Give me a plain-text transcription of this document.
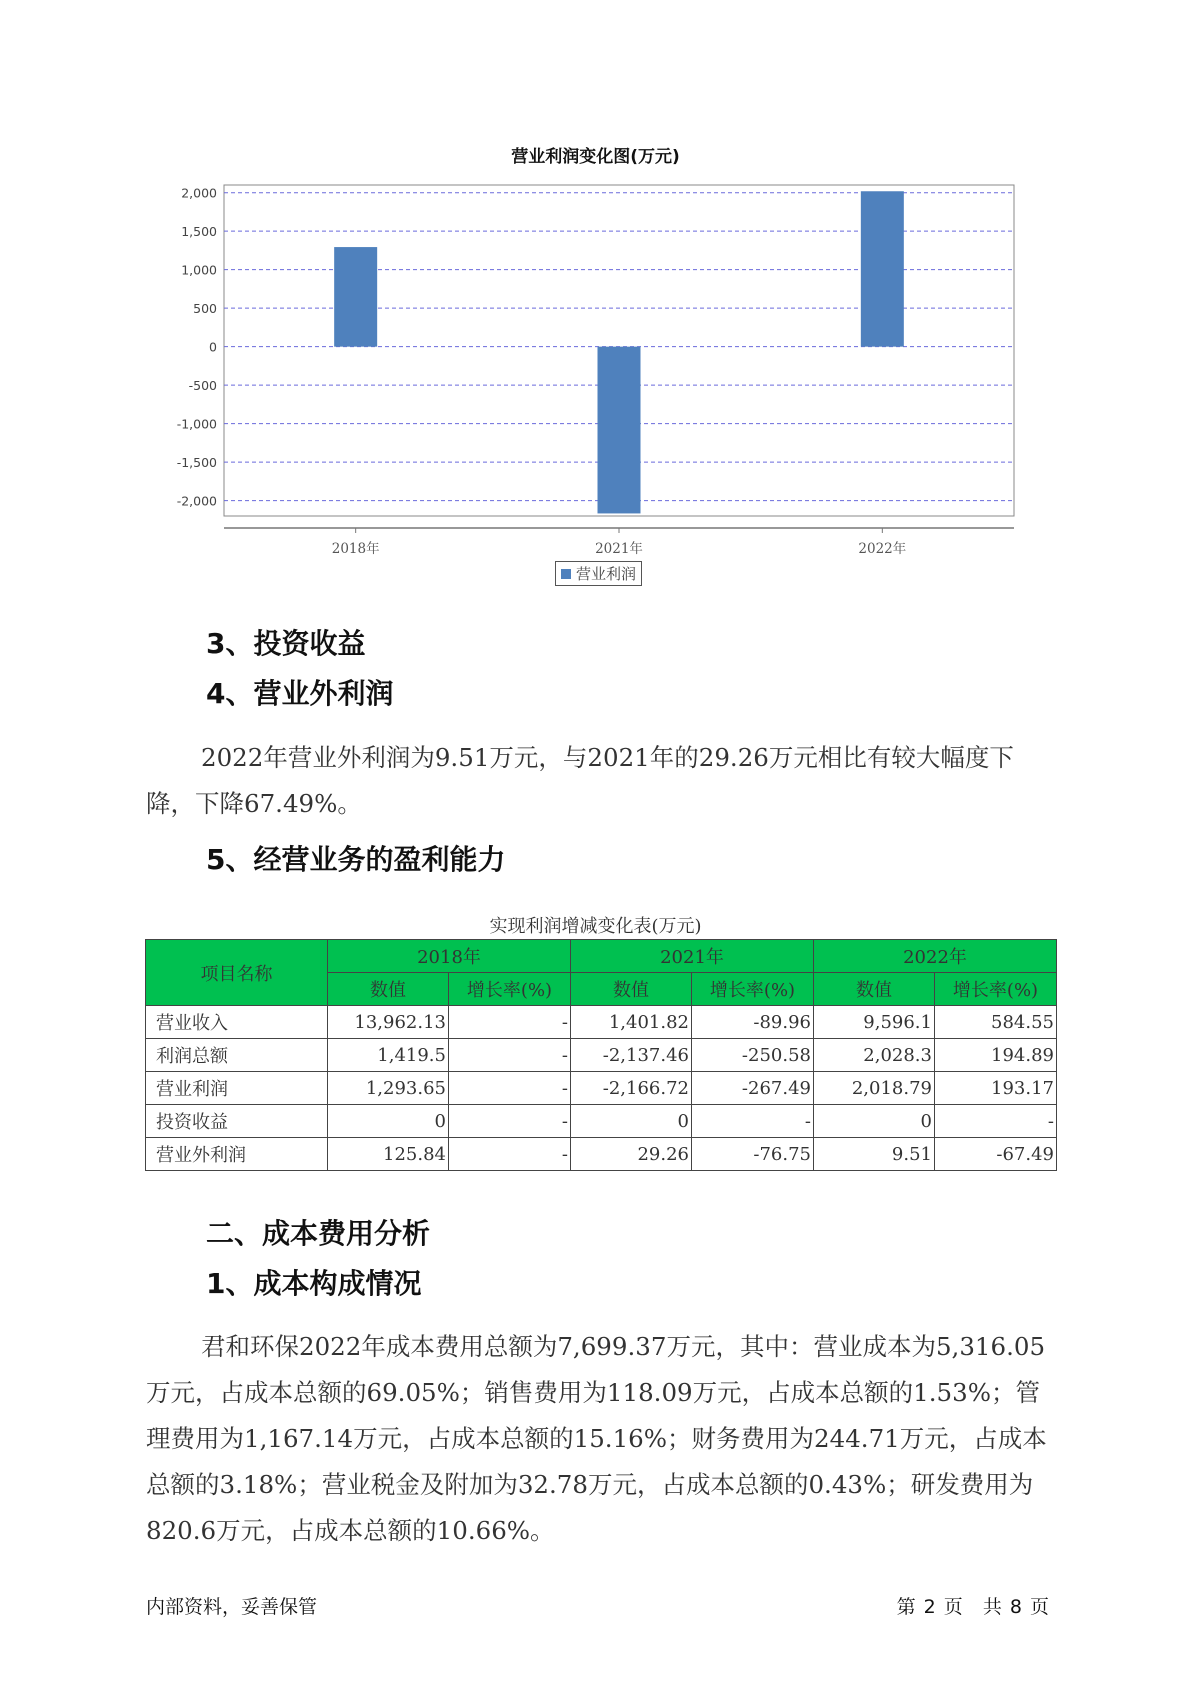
营业利润变化图(万元)
2,000
1,500
1,000
500
0
-500
-1,000
-1,500
-2,000
2018年	2021年	2022年
营业利润
3、投资收益
4、营业外利润

2022年营业外利润为9.51万元，与2021年的29.26万元相比有较大幅度下降，下降67.49%。

5、经营业务的盈利能力
实现利润增减变化表(万元)
项目名称	2018年		2021年		2022年	
	数值	增长率(%)	数值	增长率(%)	数值	增长率(%)
营业收入	13,962.13	-	1,401.82	-89.96	9,596.1	584.55
利润总额	1,419.5	-	-2,137.46	-250.58	2,028.3	194.89
营业利润	1,293.65	-	-2,166.72	-267.49	2,018.79	193.17
投资收益	0	-	0	-	0	-
营业外利润	125.84	-	29.26	-76.75	9.51	-67.49
二、成本费用分析
1、成本构成情况

君和环保2022年成本费用总额为7,699.37万元，其中：营业成本为5,316.05万元，占成本总额的69.05%；销售费用为118.09万元，占成本总额的1.53%；管理费用为1,167.14万元，占成本总额的15.16%；财务费用为244.71万元，占成本总额的3.18%；营业税金及附加为32.78万元，占成本总额的0.43%；研发费用为820.6万元，占成本总额的10.66%。

内部资料，妥善保管	第 2 页 共 8 页
